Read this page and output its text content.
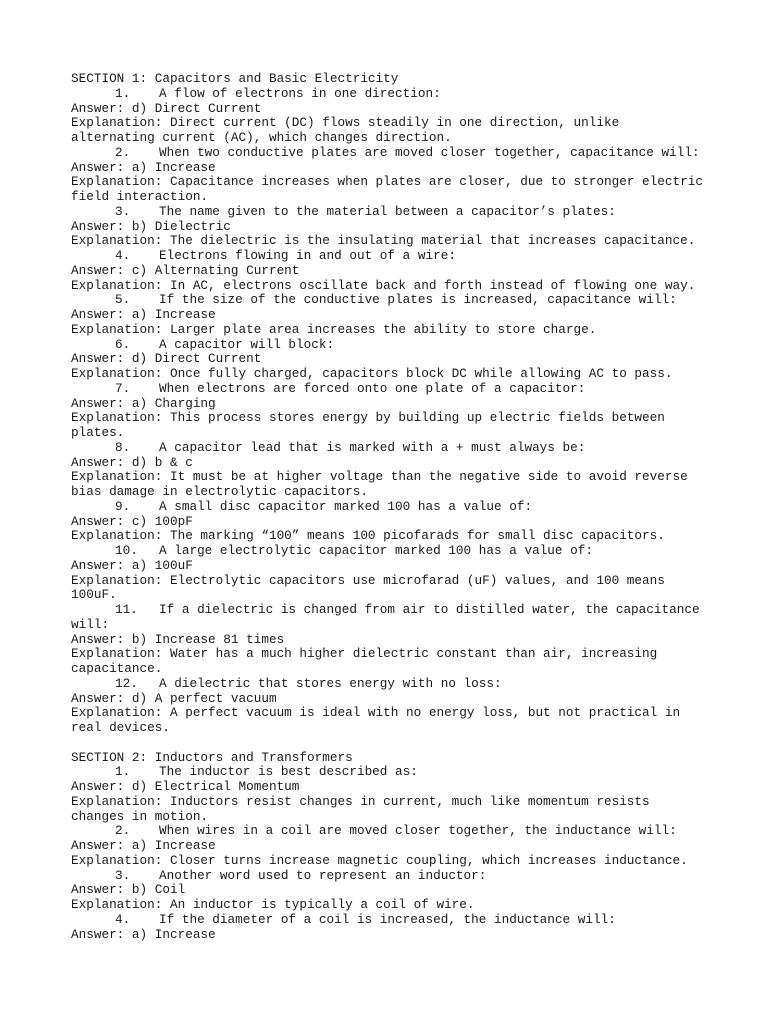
SECTION 1: Capacitors and Basic Electricity
1. A flow of electrons in one direction:
Answer: d) Direct Current
Explanation: Direct current (DC) flows steadily in one direction, unlike
alternating current (AC), which changes direction.
2. When two conductive plates are moved closer together, capacitance will:
Answer: a) Increase
Explanation: Capacitance increases when plates are closer, due to stronger electric
field interaction.
3. The name given to the material between a capacitor’s plates:
Answer: b) Dielectric
Explanation: The dielectric is the insulating material that increases capacitance.
4. Electrons flowing in and out of a wire:
Answer: c) Alternating Current
Explanation: In AC, electrons oscillate back and forth instead of flowing one way.
5. If the size of the conductive plates is increased, capacitance will:
Answer: a) Increase
Explanation: Larger plate area increases the ability to store charge.
6. A capacitor will block:
Answer: d) Direct Current
Explanation: Once fully charged, capacitors block DC while allowing AC to pass.
7. When electrons are forced onto one plate of a capacitor:
Answer: a) Charging
Explanation: This process stores energy by building up electric fields between
plates.
8. A capacitor lead that is marked with a + must always be:
Answer: d) b & c
Explanation: It must be at higher voltage than the negative side to avoid reverse
bias damage in electrolytic capacitors.
9. A small disc capacitor marked 100 has a value of:
Answer: c) 100pF
Explanation: The marking “100” means 100 picofarads for small disc capacitors.
10. A large electrolytic capacitor marked 100 has a value of:
Answer: a) 100uF
Explanation: Electrolytic capacitors use microfarad (uF) values, and 100 means
100uF.
11. If a dielectric is changed from air to distilled water, the capacitance
will:
Answer: b) Increase 81 times
Explanation: Water has a much higher dielectric constant than air, increasing
capacitance.
12. A dielectric that stores energy with no loss:
Answer: d) A perfect vacuum
Explanation: A perfect vacuum is ideal with no energy loss, but not practical in
real devices.
SECTION 2: Inductors and Transformers
1. The inductor is best described as:
Answer: d) Electrical Momentum
Explanation: Inductors resist changes in current, much like momentum resists
changes in motion.
2. When wires in a coil are moved closer together, the inductance will:
Answer: a) Increase
Explanation: Closer turns increase magnetic coupling, which increases inductance.
3. Another word used to represent an inductor:
Answer: b) Coil
Explanation: An inductor is typically a coil of wire.
4. If the diameter of a coil is increased, the inductance will:
Answer: a) Increase
